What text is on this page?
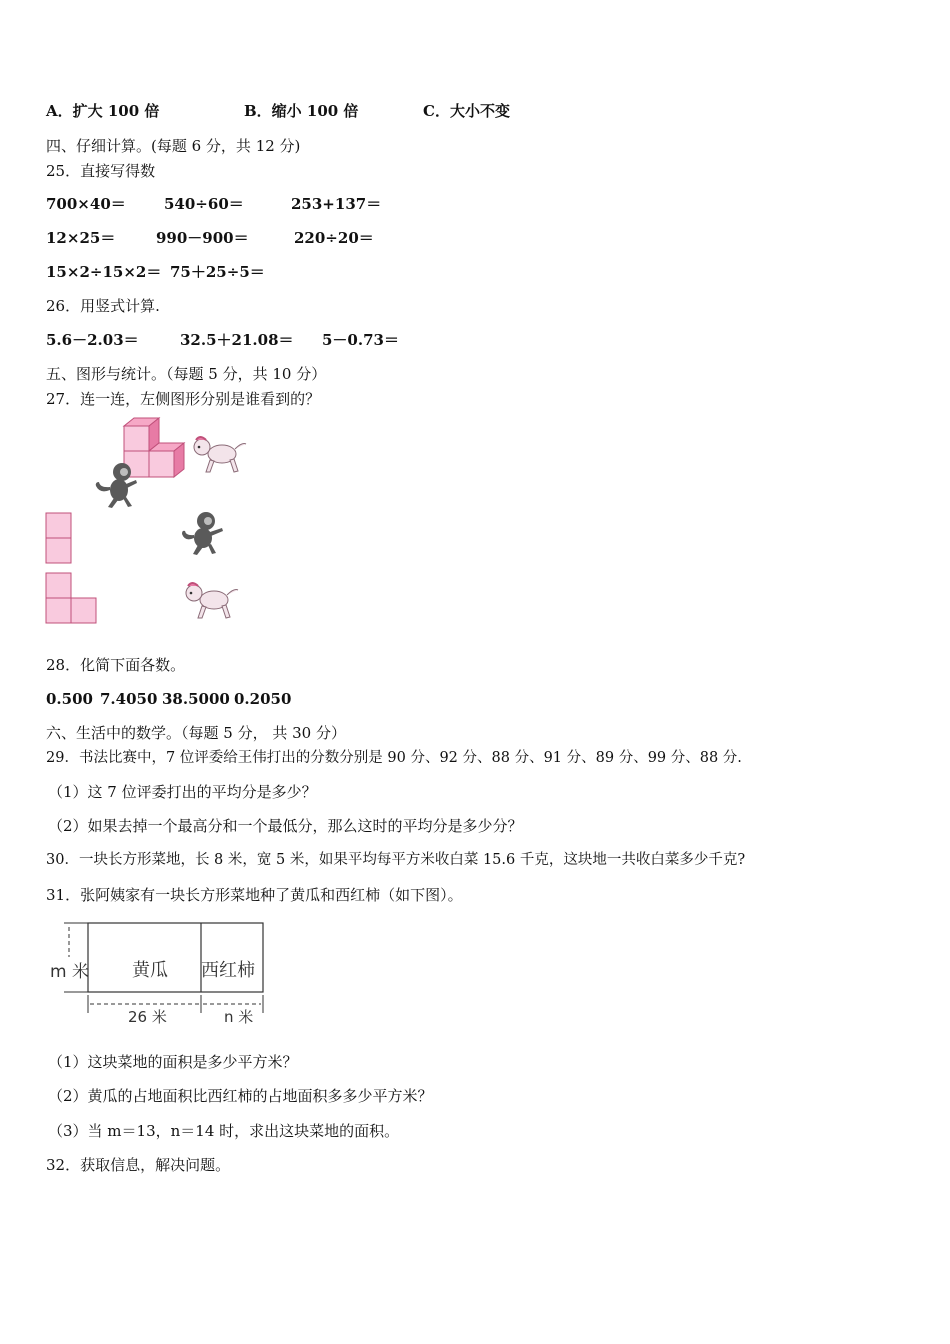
A．扩大 100 倍	B．缩小 100 倍	C．大小不变
四、仔细计算。(每题 6 分，共 12 分)
25．直接写得数
700×40＝	540÷60＝	253+137＝
12×25＝	990－900＝	220÷20＝
15×2÷15×2＝ 75＋25÷5＝
26．用竖式计算.
5.6－2.03＝	32.5＋21.08＝ 5－0.73＝
五、图形与统计。（每题 5 分，共 10 分）
27．连一连，左侧图形分别是谁看到的？
28．化简下面各数。
0.500 7.4050 38.5000 0.2050
六、生活中的数学。（每题 5 分， 共 30 分）
29．书法比赛中，7 位评委给王伟打出的分数分别是 90 分、92 分、88 分、91 分、89 分、99 分、88 分.
（1）这 7 位评委打出的平均分是多少？
（2）如果去掉一个最高分和一个最低分，那么这时的平均分是多少分？
30．一块长方形菜地，长 8 米，宽 5 米，如果平均每平方米收白菜 15.6 千克，这块地一共收白菜多少千克?
31．张阿姨家有一块长方形菜地种了黄瓜和西红柿（如下图）。
m 米 黄瓜 西红柿
26 米	n 米
（1）这块菜地的面积是多少平方米？
（2）黄瓜的占地面积比西红柿的占地面积多多少平方米？
（3）当 m＝13，n＝14 时，求出这块菜地的面积。
32．获取信息，解决问题。
